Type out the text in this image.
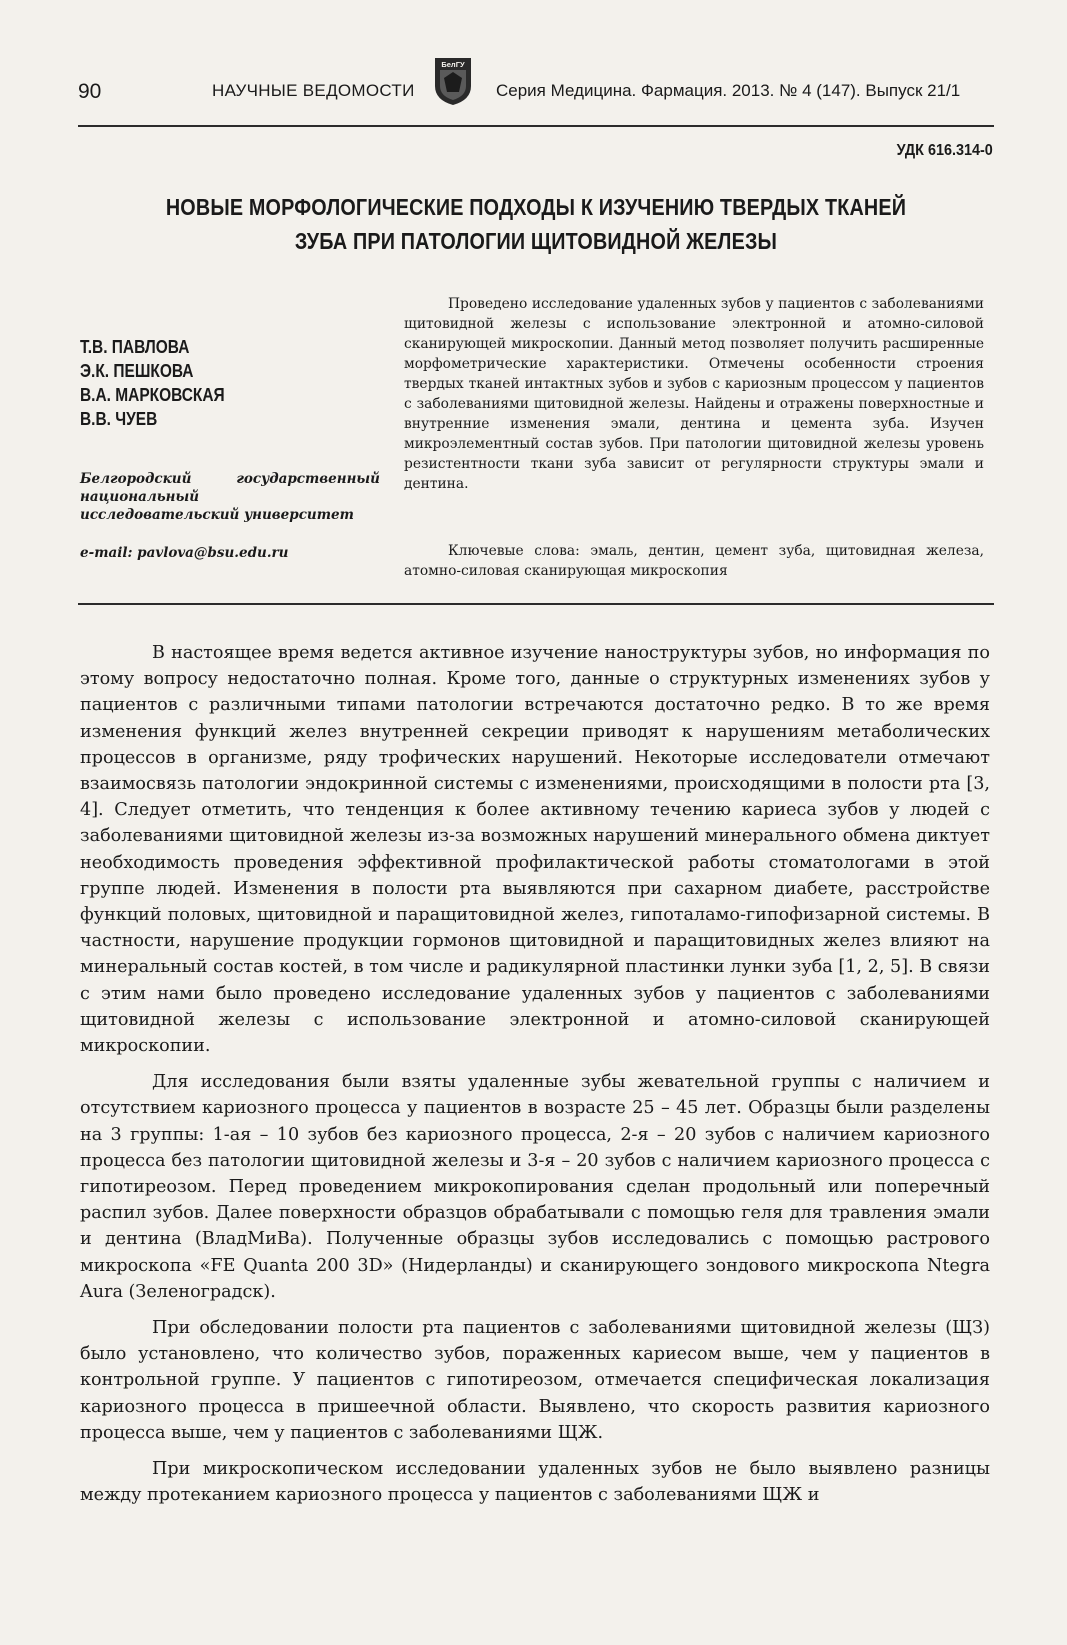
90	НАУЧНЫЕ ВЕДОМОСТИ
БелГУ
Серия Медицина. Фармация. 2013. № 4 (147). Выпуск 21/1
УДК 616.314-0
НОВЫЕ МОРФОЛОГИЧЕСКИЕ ПОДХОДЫ К ИЗУЧЕНИЮ ТВЕРДЫХ ТКАНЕЙ
ЗУБА ПРИ ПАТОЛОГИИ ЩИТОВИДНОЙ ЖЕЛЕЗЫ
Т.В. ПАВЛОВА
Э.К. ПЕШКОВА
В.А. МАРКОВСКАЯ
В.В. ЧУЕВ
Белгородский	государственный
национальный
исследовательский университет
e-mail: pavlova@bsu.edu.ru

Проведено исследование удаленных зубов у пациентов с заболеваниями щитовидной железы с использование электронной и атомно-силовой сканирующей микроскопии. Данный метод позволяет получить расширенные морфометрические характеристики. Отмечены особенности строения твердых тканей интактных зубов и зубов с кариозным процессом у пациентов с заболеваниями щитовидной железы. Найдены и отражены поверхностные и внутренние изменения эмали, дентина и цемента зуба. Изучен микроэлементный состав зубов. При патологии щитовидной железы уровень резистентности ткани зуба зависит от регулярности структуры эмали и дентина.

Ключевые слова: эмаль, дентин, цемент зуба, щитовидная железа, атомно-силовая сканирующая микроскопия

В настоящее время ведется активное изучение наноструктуры зубов, но информация по этому вопросу недостаточно полная. Кроме того, данные о структурных изменениях зубов у пациентов с различными типами патологии встречаются достаточно редко. В то же время изменения функций желез внутренней секреции приводят к нарушениям метаболических процессов в организме, ряду трофических нарушений. Некоторые исследователи отмечают взаимосвязь патологии эндокринной системы с изменениями, происходящими в полости рта [3, 4]. Следует отметить, что тенденция к более активному течению кариеса зубов у людей с заболеваниями щитовидной железы из-за возможных нарушений минерального обмена диктует необходимость проведения эффективной профилактической работы стоматологами в этой группе людей. Изменения в полости рта выявляются при сахарном диабете, расстройстве функций половых, щитовидной и паращитовидной желез, гипоталамо-гипофизарной системы. В частности, нарушение продукции гормонов щитовидной и паращитовидных желез влияют на минеральный состав костей, в том числе и радикулярной пластинки лунки зуба [1, 2, 5]. В связи с этим нами было проведено исследование удаленных зубов у пациентов с заболеваниями щитовидной железы с использование электронной и атомно-силовой сканирующей микроскопии.

Для исследования были взяты удаленные зубы жевательной группы с наличием и отсутствием кариозного процесса у пациентов в возрасте 25 – 45 лет. Образцы были разделены на 3 группы: 1-ая – 10 зубов без кариозного процесса, 2-я – 20 зубов с наличием кариозного процесса без патологии щитовидной железы и 3-я – 20 зубов с наличием кариозного процесса с гипотиреозом. Перед проведением микрокопирования сделан продольный или поперечный распил зубов. Далее поверхности образцов обрабатывали с помощью геля для травления эмали и дентина (ВладМиВа). Полученные образцы зубов исследовались с помощью растрового микроскопа «FE Quanta 200 3D» (Нидерланды) и сканирующего зондового микроскопа Ntegra Aura (Зеленоградск).

При обследовании полости рта пациентов с заболеваниями щитовидной железы (ЩЗ) было установлено, что количество зубов, пораженных кариесом выше, чем у пациентов в контрольной группе. У пациентов с гипотиреозом, отмечается специфическая локализация кариозного процесса в пришеечной области. Выявлено, что скорость развития кариозного процесса выше, чем у пациентов с заболеваниями ЩЖ.

При микроскопическом исследовании удаленных зубов не было выявлено разницы между протеканием кариозного процесса у пациентов с заболеваниями ЩЖ и
